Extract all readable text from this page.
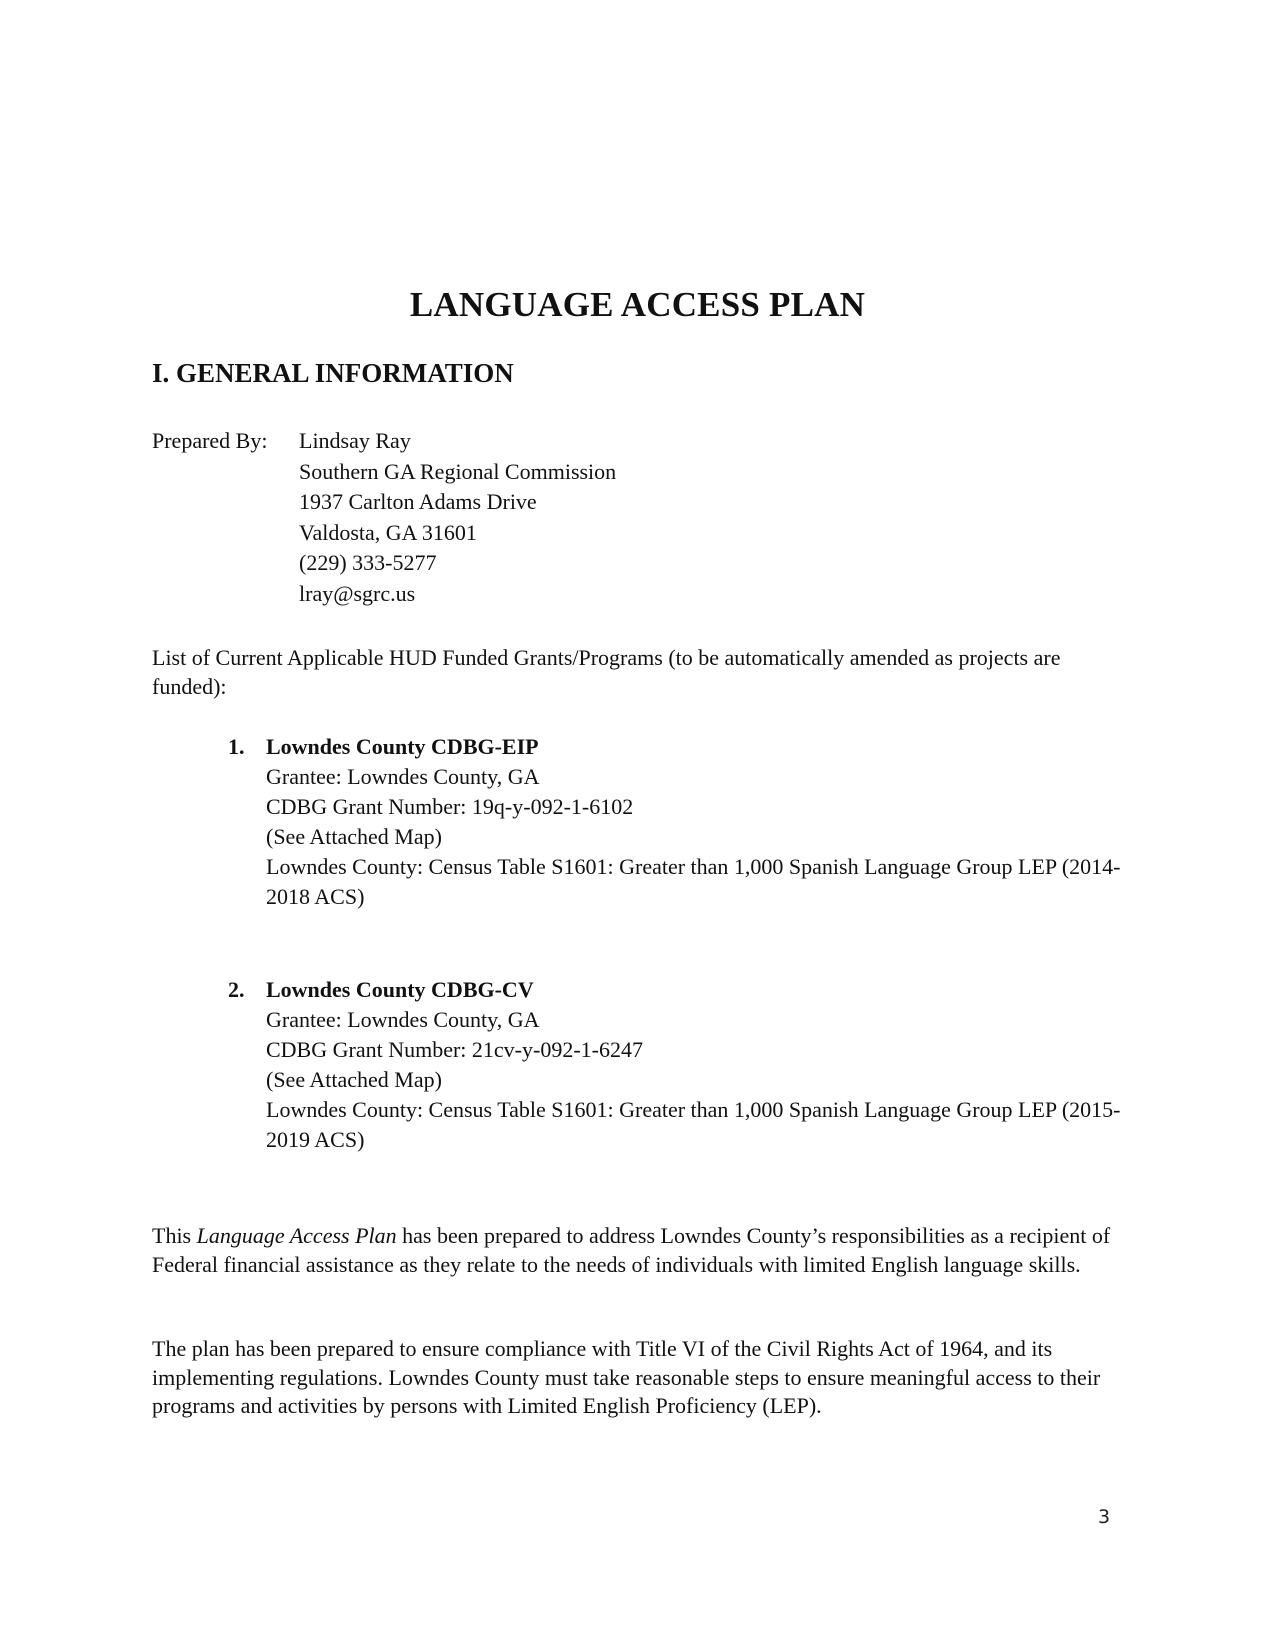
LANGUAGE ACCESS PLAN
I. GENERAL INFORMATION
Prepared By: Lindsay Ray
Southern GA Regional Commission
1937 Carlton Adams Drive
Valdosta, GA 31601
(229) 333-5277
lray@sgrc.us

List of Current Applicable HUD Funded Grants/Programs (to be automatically amended as projects are funded):

1. Lowndes County CDBG-EIP
Grantee: Lowndes County, GA
CDBG Grant Number: 19q-y-092-1-6102
(See Attached Map)
Lowndes County: Census Table S1601: Greater than 1,000 Spanish Language Group LEP (2014-2018 ACS)
2. Lowndes County CDBG-CV
Grantee: Lowndes County, GA
CDBG Grant Number: 21cv-y-092-1-6247
(See Attached Map)
Lowndes County: Census Table S1601: Greater than 1,000 Spanish Language Group LEP (2015-2019 ACS)

This Language Access Plan has been prepared to address Lowndes County’s responsibilities as a recipient of Federal financial assistance as they relate to the needs of individuals with limited English language skills.

The plan has been prepared to ensure compliance with Title VI of the Civil Rights Act of 1964, and its implementing regulations. Lowndes County must take reasonable steps to ensure meaningful access to their programs and activities by persons with Limited English Proficiency (LEP).

3
